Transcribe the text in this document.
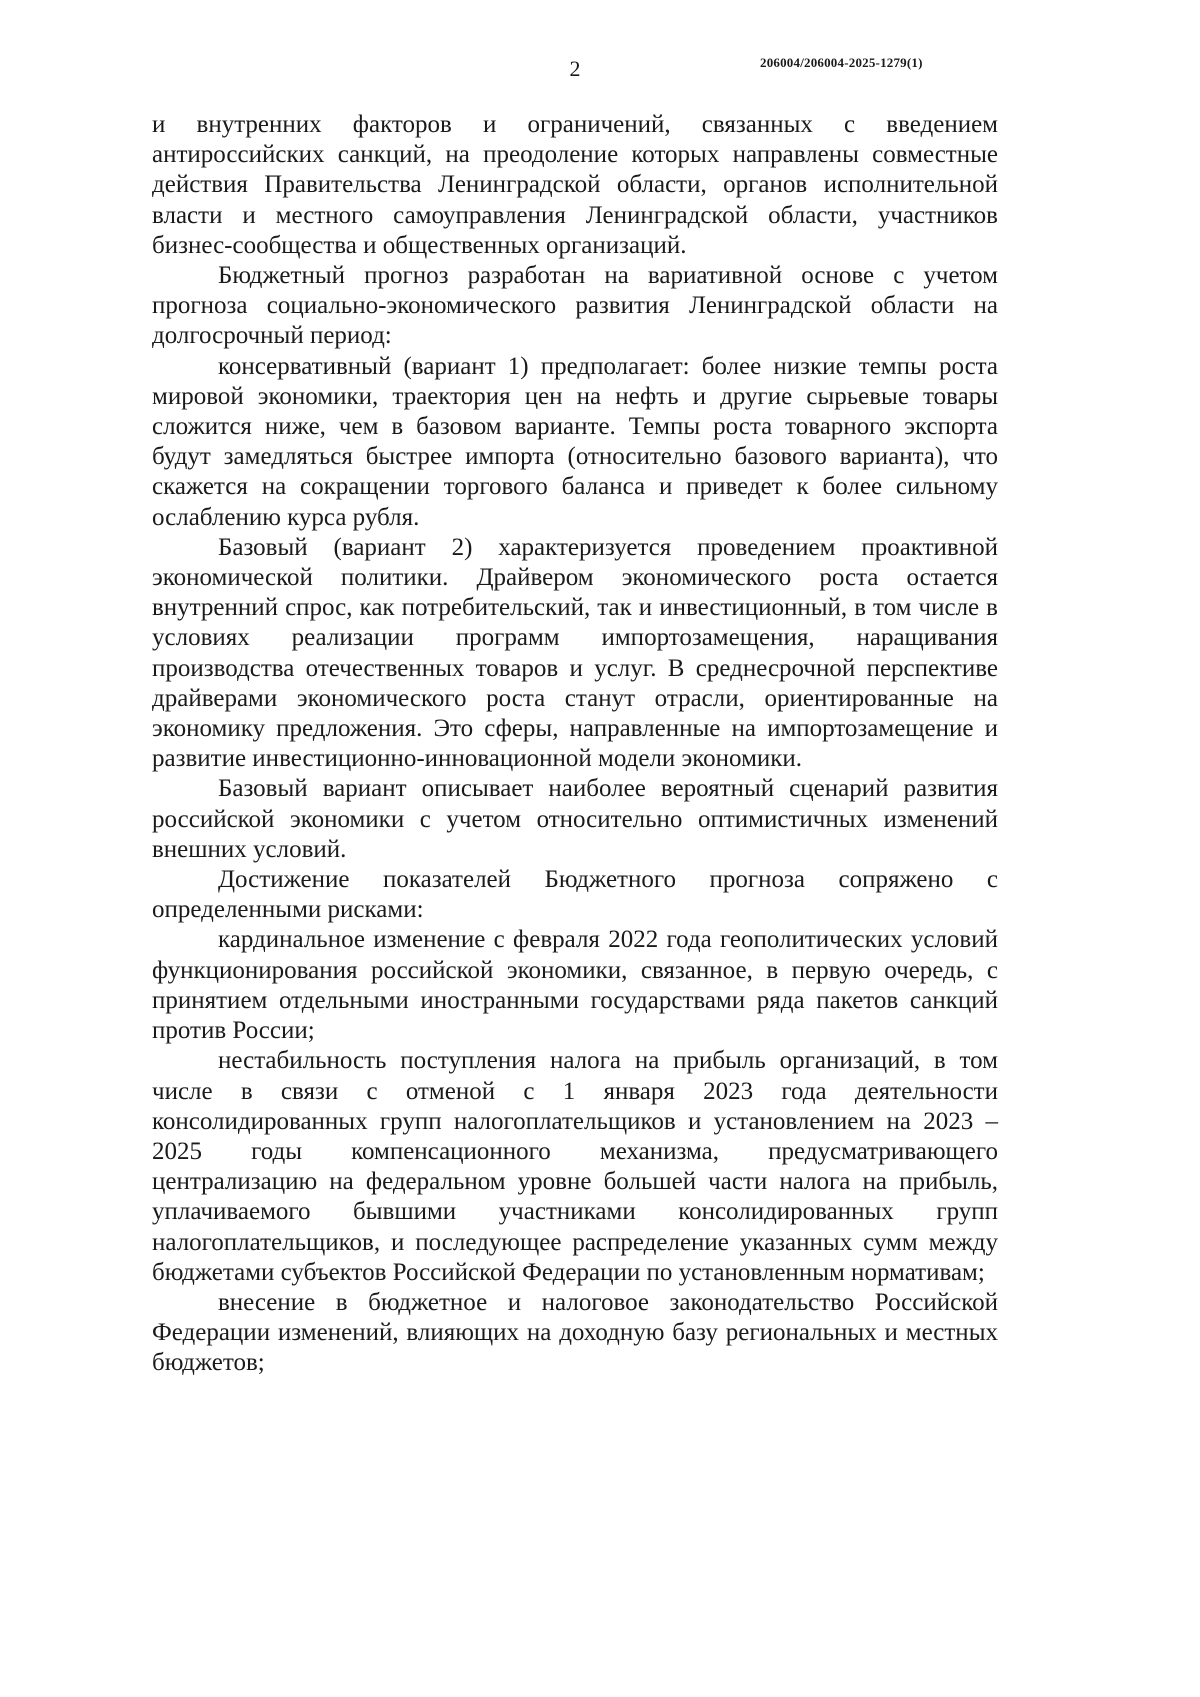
2	206004/206004-2025-1279(1)

и внутренних факторов и ограничений, связанных с введением антироссийских санкций, на преодоление которых направлены совместные действия Правительства Ленинградской области, органов исполнительной власти и местного самоуправления Ленинградской области, участников бизнес-сообщества и общественных организаций.

Бюджетный прогноз разработан на вариативной основе с учетом прогноза социально-экономического развития Ленинградской области на долгосрочный период:

консервативный (вариант 1) предполагает: более низкие темпы роста мировой экономики, траектория цен на нефть и другие сырьевые товары сложится ниже, чем в базовом варианте. Темпы роста товарного экспорта будут замедляться быстрее импорта (относительно базового варианта), что скажется на сокращении торгового баланса и приведет к более сильному ослаблению курса рубля.

Базовый (вариант 2) характеризуется проведением проактивной экономической политики. Драйвером экономического роста остается внутренний спрос, как потребительский, так и инвестиционный, в том числе в условиях реализации программ импортозамещения, наращивания производства отечественных товаров и услуг. В среднесрочной перспективе драйверами экономического роста станут отрасли, ориентированные на экономику предложения. Это сферы, направленные на импортозамещение и развитие инвестиционно-инновационной модели экономики.

Базовый вариант описывает наиболее вероятный сценарий развития российской экономики с учетом относительно оптимистичных изменений внешних условий.

Достижение показателей Бюджетного прогноза сопряжено с определенными рисками:

кардинальное изменение с февраля 2022 года геополитических условий функционирования российской экономики, связанное, в первую очередь, с принятием отдельными иностранными государствами ряда пакетов санкций против России;

нестабильность поступления налога на прибыль организаций, в том числе в связи с отменой с 1 января 2023 года деятельности консолидированных групп налогоплательщиков и установлением на 2023 – 2025 годы компенсационного механизма, предусматривающего централизацию на федеральном уровне большей части налога на прибыль, уплачиваемого бывшими участниками консолидированных групп налогоплательщиков, и последующее распределение указанных сумм между бюджетами субъектов Российской Федерации по установленным нормативам;

внесение в бюджетное и налоговое законодательство Российской Федерации изменений, влияющих на доходную базу региональных и местных бюджетов;
